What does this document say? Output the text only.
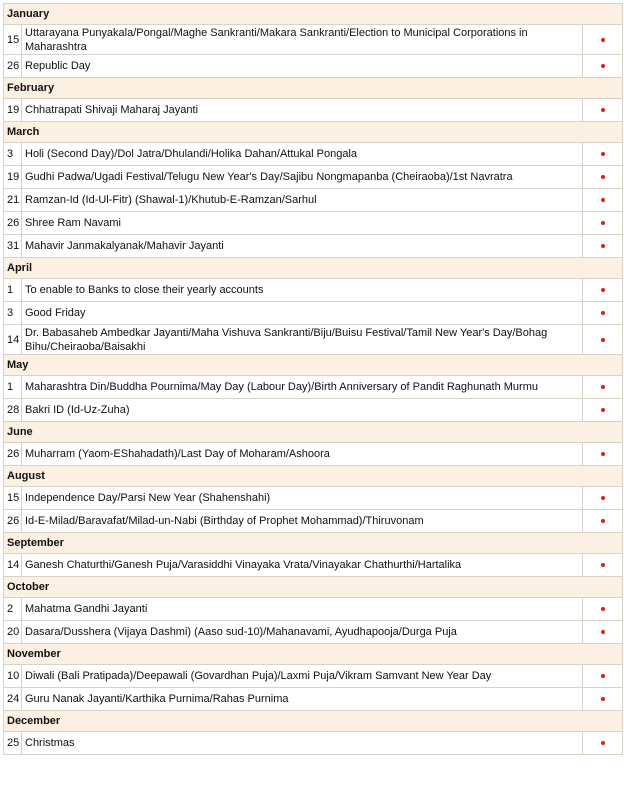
January		
15	Uttarayana Punyakala/Pongal/Maghe Sankranti/Makara Sankranti/Election to Municipal Corporations in Maharashtra	
26	Republic Day	
February		
19	Chhatrapati Shivaji Maharaj Jayanti	
March		
3	Holi (Second Day)/Dol Jatra/Dhulandi/Holika Dahan/Attukal Pongala	
19	Gudhi Padwa/Ugadi Festival/Telugu New Year's Day/Sajibu Nongmapanba (Cheiraoba)/1st Navratra	
21	Ramzan-Id (Id-Ul-Fitr) (Shawal-1)/Khutub-E-Ramzan/Sarhul	
26	Shree Ram Navami	
31	Mahavir Janmakalyanak/Mahavir Jayanti	
April		
1	To enable to Banks to close their yearly accounts	
3	Good Friday	
14	Dr. Babasaheb Ambedkar Jayanti/Maha Vishuva Sankranti/Biju/Buisu Festival/Tamil New Year's Day/Bohag Bihu/Cheiraoba/Baisakhi	
May		
1	Maharashtra Din/Buddha Pournima/May Day (Labour Day)/Birth Anniversary of Pandit Raghunath Murmu	
28	Bakri ID (Id-Uz-Zuha)	
June		
26	Muharram (Yaom-EShahadath)/Last Day of Moharam/Ashoora	
August		
15	Independence Day/Parsi New Year (Shahenshahi)	
26	Id-E-Milad/Baravafat/Milad-un-Nabi (Birthday of Prophet Mohammad)/Thiruvonam	
September		
14	Ganesh Chaturthi/Ganesh Puja/Varasiddhi Vinayaka Vrata/Vinayakar Chathurthi/Hartalika	
October		
2	Mahatma Gandhi Jayanti	
20	Dasara/Dusshera (Vijaya Dashmi) (Aaso sud-10)/Mahanavami, Ayudhapooja/Durga Puja	
November		
10	Diwali (Bali Pratipada)/Deepawali (Govardhan Puja)/Laxmi Puja/Vikram Samvant New Year Day	
24	Guru Nanak Jayanti/Karthika Purnima/Rahas Purnima	
December		
25	Christmas	
